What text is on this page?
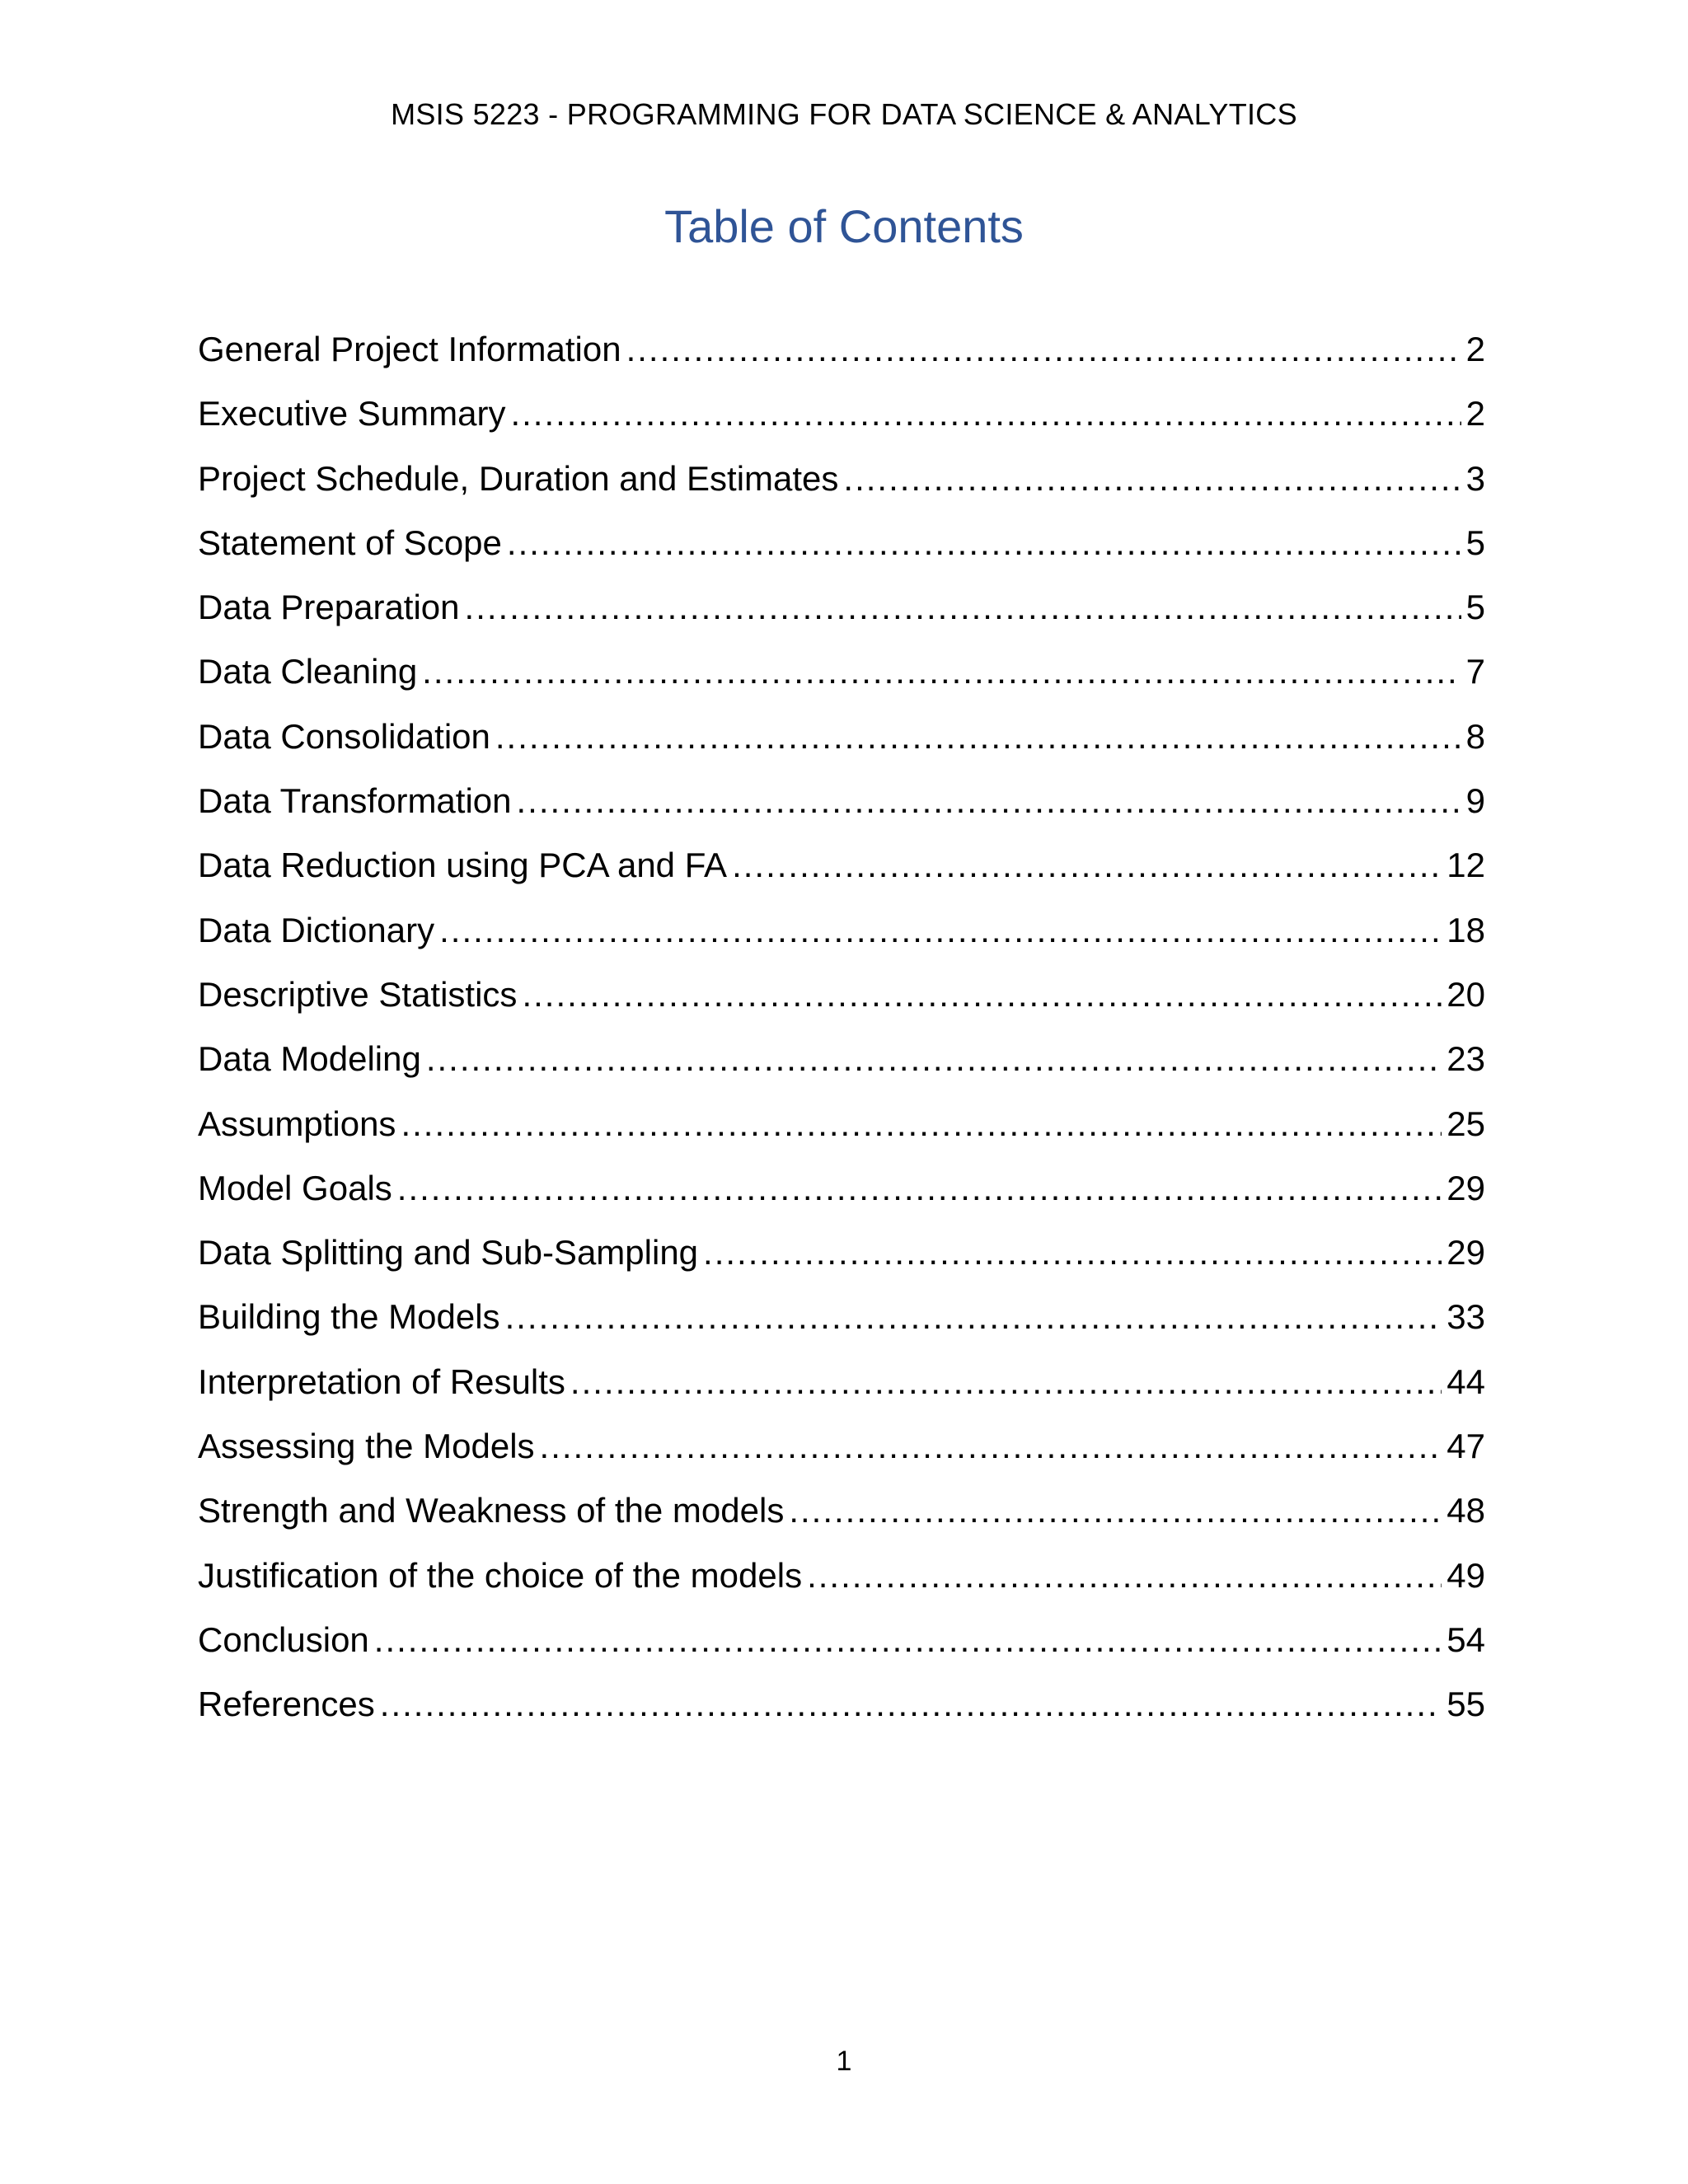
MSIS 5223 - PROGRAMMING FOR DATA SCIENCE & ANALYTICS
Table of Contents
General Project Information .....	2
Executive Summary .....	2
Project Schedule, Duration and Estimates .....	3
Statement of Scope .....	5
Data Preparation .....	5
Data Cleaning .....	7
Data Consolidation .....	8
Data Transformation .....	9
Data Reduction using PCA and FA .....	12
Data Dictionary .....	18
Descriptive Statistics .....	20
Data Modeling .....	23
Assumptions .....	25
Model Goals .....	29
Data Splitting and Sub-Sampling .....	29
Building the Models .....	33
Interpretation of Results .....	44
Assessing the Models .....	47
Strength and Weakness of the models .....	48
Justification of the choice of the models .....	49
Conclusion .....	54
References .....	55
1
